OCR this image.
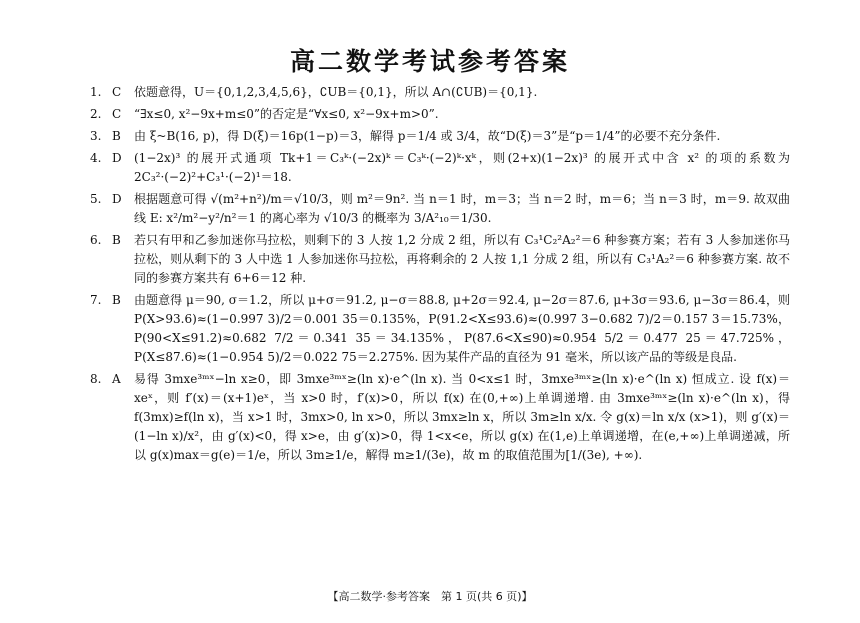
高二数学考试参考答案
1. C	依题意得，U＝{0,1,2,3,4,5,6}，∁UB＝{0,1}，所以 A∩(∁UB)＝{0,1}.
2. C	“∃x≤0, x²−9x+m≤0”的否定是“∀x≤0, x²−9x+m>0”.
3. B	由 ξ~B(16, p)，得 D(ξ)＝16p(1−p)＝3，解得 p＝1/4 或 3/4，故“D(ξ)＝3”是“p＝1/4”的必要不充分条件.
4. D	(1−2x)³ 的展开式通项 Tk+1＝C₃ᵏ·(−2x)ᵏ＝C₃ᵏ·(−2)ᵏ·xᵏ，则(2+x)(1−2x)³ 的展开式中含 x² 的项的系数为 2C₃²·(−2)²+C₃¹·(−2)¹＝18.
5. D	根据题意可得 √(m²+n²)/m＝√10/3，则 m²＝9n². 当 n＝1 时，m＝3；当 n＝2 时，m＝6；当 n＝3 时，m＝9. 故双曲线 E: x²/m²−y²/n²＝1 的离心率为 √10/3 的概率为 3/A²₁₀＝1/30.
6. B	若只有甲和乙参加迷你马拉松，则剩下的 3 人按 1,2 分成 2 组，所以有 C₃¹C₂²A₂²＝6 种参赛方案；若有 3 人参加迷你马拉松，则从剩下的 3 人中选 1 人参加迷你马拉松，再将剩余的 2 人按 1,1 分成 2 组，所以有 C₃¹A₂²＝6 种参赛方案. 故不同的参赛方案共有 6+6＝12 种.
7. B	由题意得 μ＝90, σ＝1.2，所以 μ+σ＝91.2, μ−σ＝88.8, μ+2σ＝92.4, μ−2σ＝87.6, μ+3σ＝93.6, μ−3σ＝86.4，则 P(X>93.6)≈(1−0.997 3)/2＝0.001 35＝0.135%，P(91.2<X≤93.6)≈(0.997 3−0.682 7)/2＝0.157 3＝15.73%，P(90<X≤91.2)≈0.682 7/2＝0.341 35＝34.135%，P(87.6<X≤90)≈0.954 5/2＝0.477 25＝47.725%，P(X≤87.6)≈(1−0.954 5)/2＝0.022 75＝2.275%. 因为某件产品的直径为 91 毫米，所以该产品的等级是良品.
8. A	易得 3mxe³ᵐˣ−ln x≥0，即 3mxe³ᵐˣ≥(ln x)·e^(ln x). 当 0<x≤1 时，3mxe³ᵐˣ≥(ln x)·e^(ln x) 恒成立. 设 f(x)＝xeˣ，则 f′(x)＝(x+1)eˣ，当 x>0 时，f′(x)>0，所以 f(x) 在(0,+∞)上单调递增. 由 3mxe³ᵐˣ≥(ln x)·e^(ln x)，得 f(3mx)≥f(ln x)，当 x>1 时，3mx>0, ln x>0，所以 3mx≥ln x，所以 3m≥ln x/x. 令 g(x)＝ln x/x (x>1)，则 g′(x)＝(1−ln x)/x²，由 g′(x)<0，得 x>e，由 g′(x)>0，得 1<x<e，所以 g(x) 在(1,e)上单调递增，在(e,+∞)上单调递减，所以 g(x)max＝g(e)＝1/e，所以 3m≥1/e，解得 m≥1/(3e)，故 m 的取值范围为[1/(3e), +∞).
【高二数学·参考答案　第 1 页(共 6 页)】
